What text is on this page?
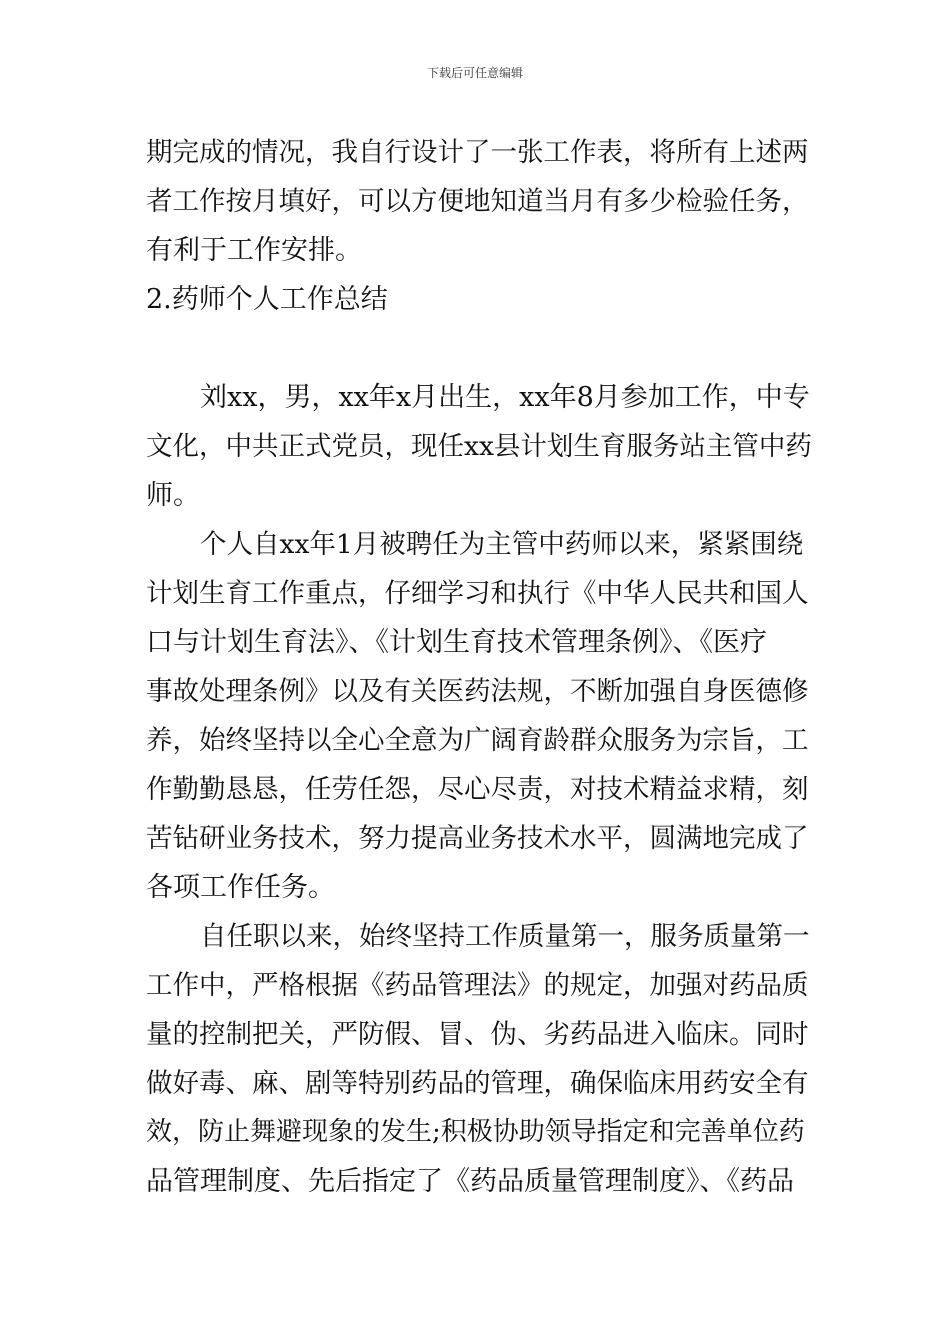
下载后可任意编辑
期完成的情况，我自行设计了一张工作表，将所有上述两
者工作按月填好，可以方便地知道当月有多少检验任务，
有利于工作安排。
2.药师个人工作总结
刘xx，男，xx年x月出生，xx年8月参加工作，中专
文化，中共正式党员，现任xx县计划生育服务站主管中药
师。
个人自xx年1月被聘任为主管中药师以来，紧紧围绕
计划生育工作重点，仔细学习和执行《中华人民共和国人
口与计划生育法》、《计划生育技术管理条例》、《医疗
事故处理条例》以及有关医药法规，不断加强自身医德修
养，始终坚持以全心全意为广阔育龄群众服务为宗旨，工
作勤勤恳恳，任劳任怨，尽心尽责，对技术精益求精，刻
苦钻研业务技术，努力提高业务技术水平，圆满地完成了
各项工作任务。
自任职以来，始终坚持工作质量第一，服务质量第一
工作中，严格根据《药品管理法》的规定，加强对药品质
量的控制把关，严防假、冒、伪、劣药品进入临床。同时
做好毒、麻、剧等特别药品的管理，确保临床用药安全有
效，防止舞避现象的发生;积极协助领导指定和完善单位药
品管理制度、先后指定了《药品质量管理制度》、《药品
